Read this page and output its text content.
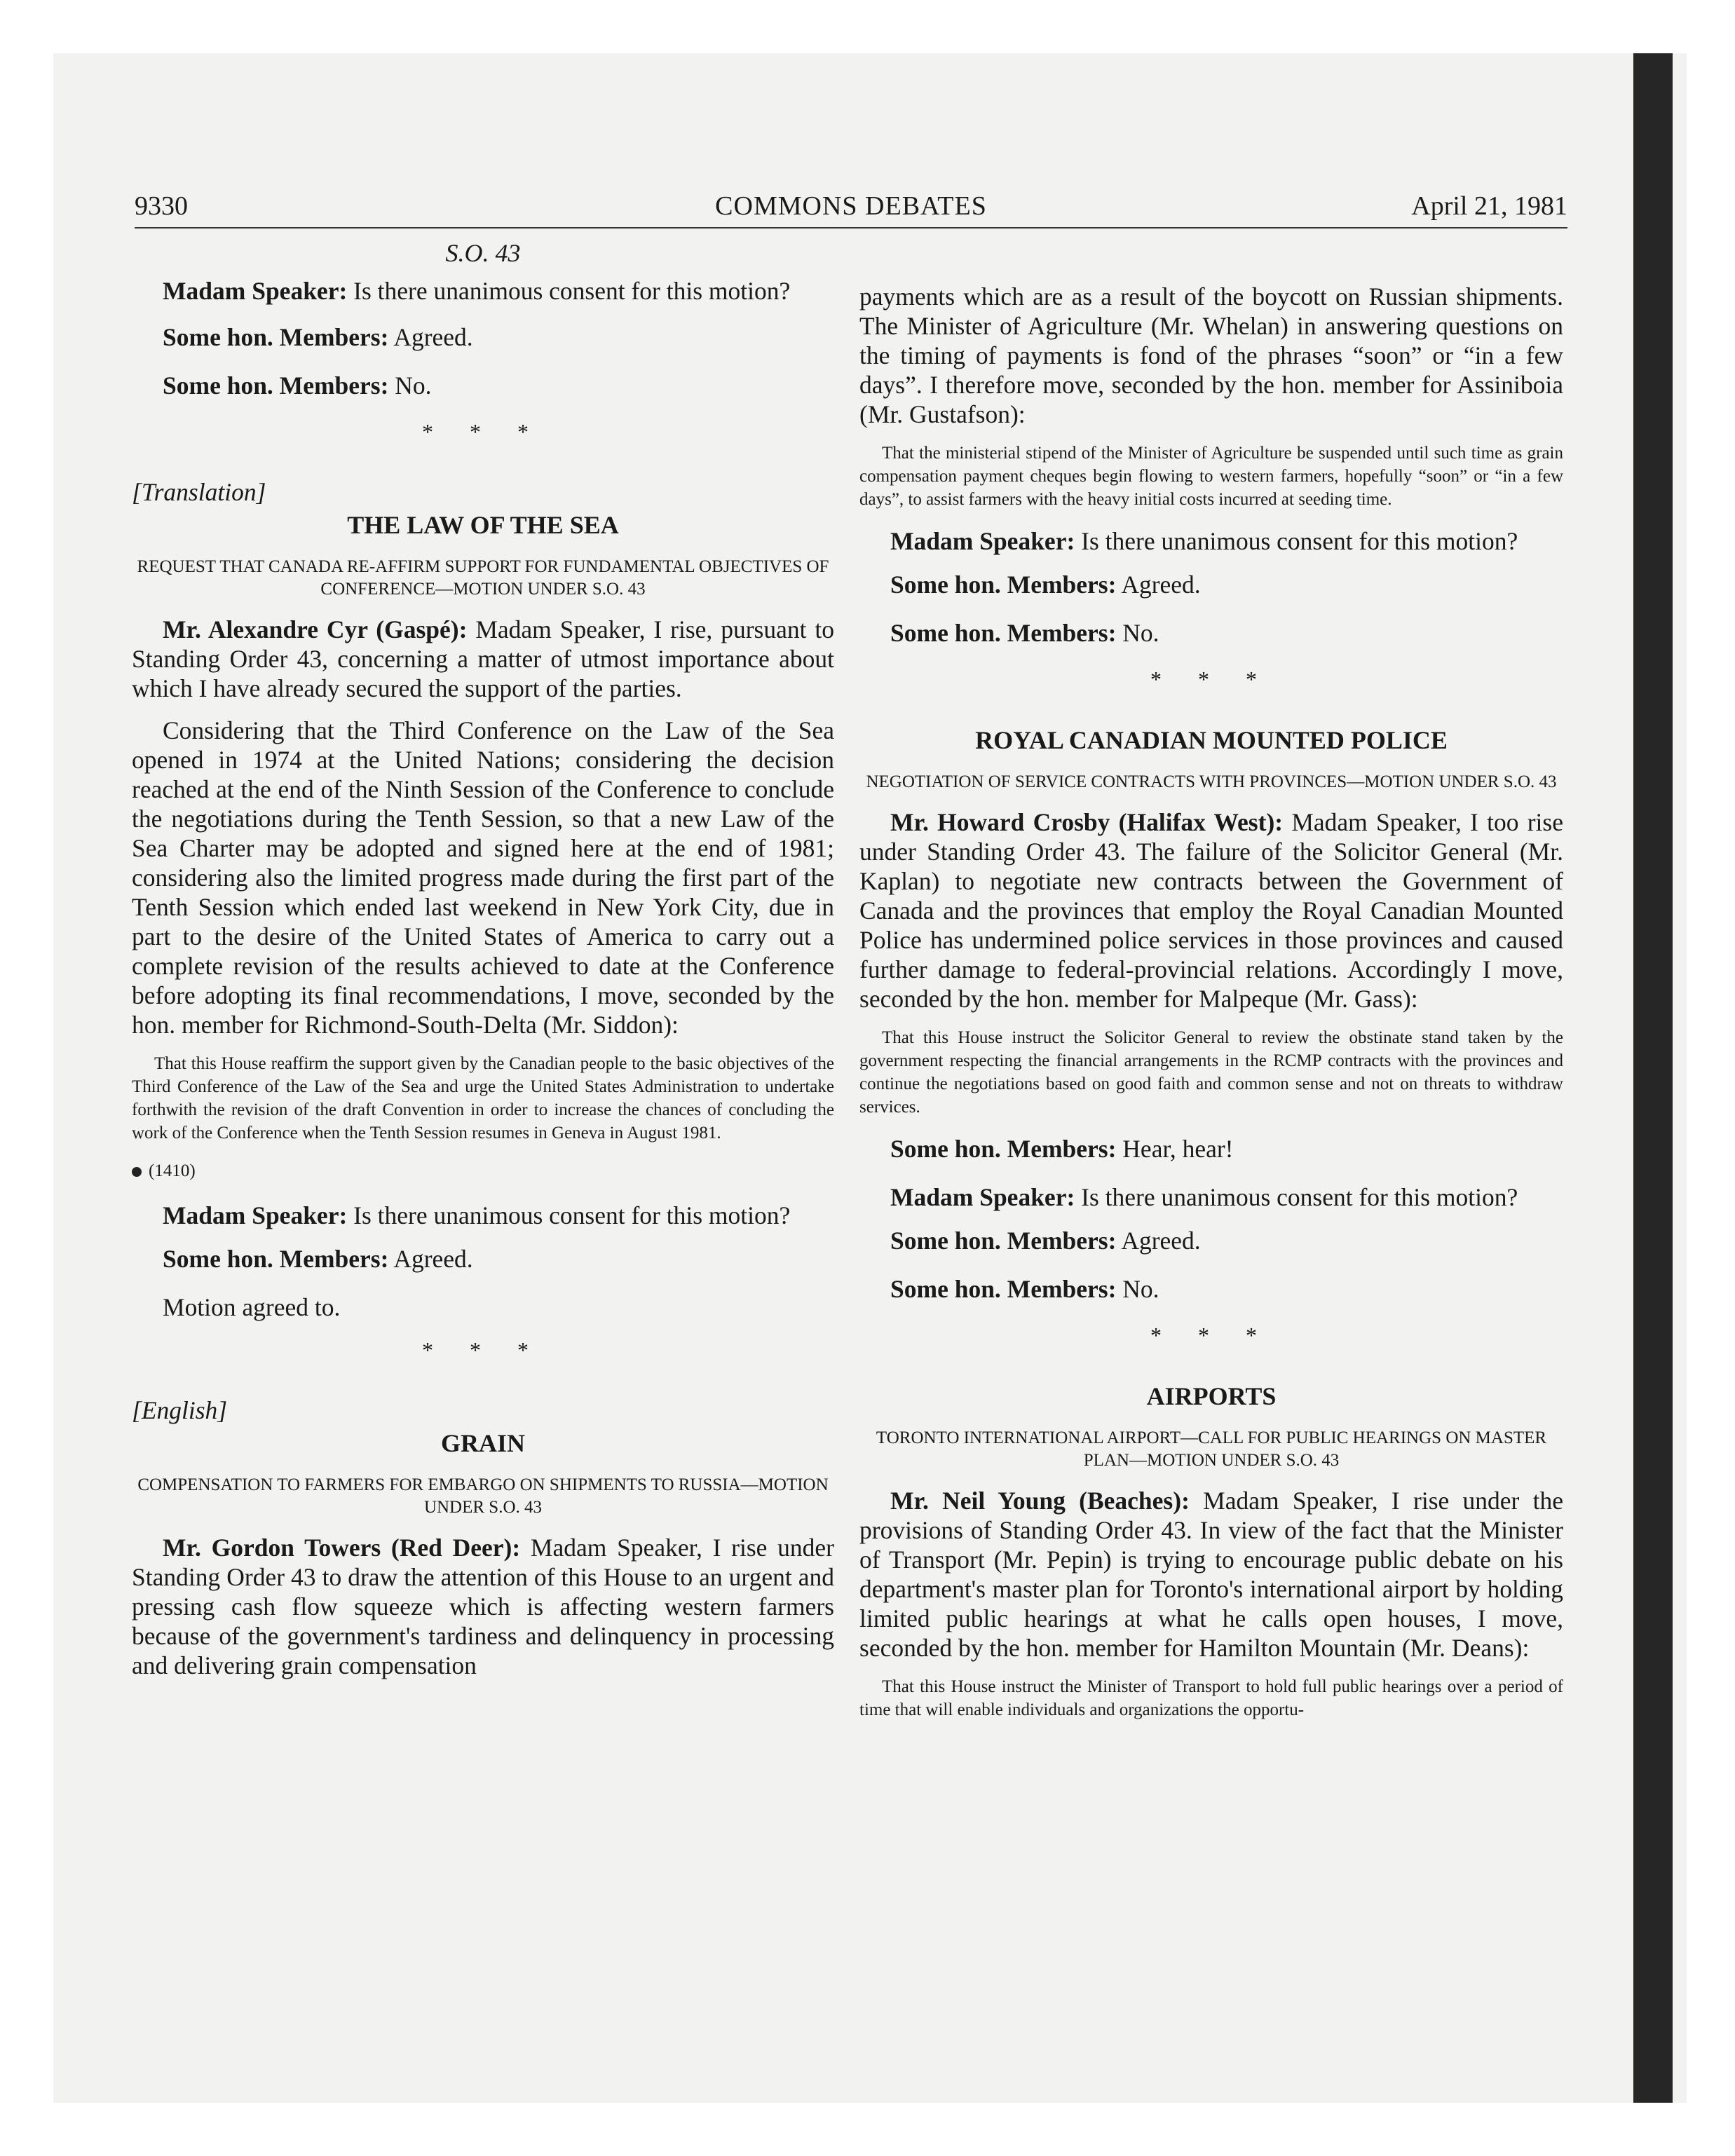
9330	COMMONS DEBATES	April 21, 1981

S.O. 43

Madam Speaker: Is there unanimous consent for this motion?

Some hon. Members: Agreed.

Some hon. Members: No.

* * *

[Translation]

THE LAW OF THE SEA

REQUEST THAT CANADA RE-AFFIRM SUPPORT FOR FUNDAMENTAL OBJECTIVES OF CONFERENCE—MOTION UNDER S.O. 43

Mr. Alexandre Cyr (Gaspé): Madam Speaker, I rise, pursuant to Standing Order 43, concerning a matter of utmost importance about which I have already secured the support of the parties.

Considering that the Third Conference on the Law of the Sea opened in 1974 at the United Nations; considering the decision reached at the end of the Ninth Session of the Conference to conclude the negotiations during the Tenth Session, so that a new Law of the Sea Charter may be adopted and signed here at the end of 1981; considering also the limited progress made during the first part of the Tenth Session which ended last weekend in New York City, due in part to the desire of the United States of America to carry out a complete revision of the results achieved to date at the Conference before adopting its final recommendations, I move, seconded by the hon. member for Richmond-South-Delta (Mr. Siddon):

That this House reaffirm the support given by the Canadian people to the basic objectives of the Third Conference of the Law of the Sea and urge the United States Administration to undertake forthwith the revision of the draft Convention in order to increase the chances of concluding the work of the Conference when the Tenth Session resumes in Geneva in August 1981.

(1410)

Madam Speaker: Is there unanimous consent for this motion?

Some hon. Members: Agreed.

Motion agreed to.

* * *

[English]

GRAIN

COMPENSATION TO FARMERS FOR EMBARGO ON SHIPMENTS TO RUSSIA—MOTION UNDER S.O. 43

Mr. Gordon Towers (Red Deer): Madam Speaker, I rise under Standing Order 43 to draw the attention of this House to an urgent and pressing cash flow squeeze which is affecting western farmers because of the government's tardiness and delinquency in processing and delivering grain compensation

payments which are as a result of the boycott on Russian shipments. The Minister of Agriculture (Mr. Whelan) in answering questions on the timing of payments is fond of the phrases “soon” or “in a few days”. I therefore move, seconded by the hon. member for Assiniboia (Mr. Gustafson):

That the ministerial stipend of the Minister of Agriculture be suspended until such time as grain compensation payment cheques begin flowing to western farmers, hopefully “soon” or “in a few days”, to assist farmers with the heavy initial costs incurred at seeding time.

Madam Speaker: Is there unanimous consent for this motion?

Some hon. Members: Agreed.

Some hon. Members: No.

* * *

ROYAL CANADIAN MOUNTED POLICE

NEGOTIATION OF SERVICE CONTRACTS WITH PROVINCES—MOTION UNDER S.O. 43

Mr. Howard Crosby (Halifax West): Madam Speaker, I too rise under Standing Order 43. The failure of the Solicitor General (Mr. Kaplan) to negotiate new contracts between the Government of Canada and the provinces that employ the Royal Canadian Mounted Police has undermined police services in those provinces and caused further damage to federal-provincial relations. Accordingly I move, seconded by the hon. member for Malpeque (Mr. Gass):

That this House instruct the Solicitor General to review the obstinate stand taken by the government respecting the financial arrangements in the RCMP contracts with the provinces and continue the negotiations based on good faith and common sense and not on threats to withdraw services.

Some hon. Members: Hear, hear!

Madam Speaker: Is there unanimous consent for this motion?

Some hon. Members: Agreed.

Some hon. Members: No.

* * *

AIRPORTS

TORONTO INTERNATIONAL AIRPORT—CALL FOR PUBLIC HEARINGS ON MASTER PLAN—MOTION UNDER S.O. 43

Mr. Neil Young (Beaches): Madam Speaker, I rise under the provisions of Standing Order 43. In view of the fact that the Minister of Transport (Mr. Pepin) is trying to encourage public debate on his department's master plan for Toronto's international airport by holding limited public hearings at what he calls open houses, I move, seconded by the hon. member for Hamilton Mountain (Mr. Deans):

That this House instruct the Minister of Transport to hold full public hearings over a period of time that will enable individuals and organizations the opportu-
